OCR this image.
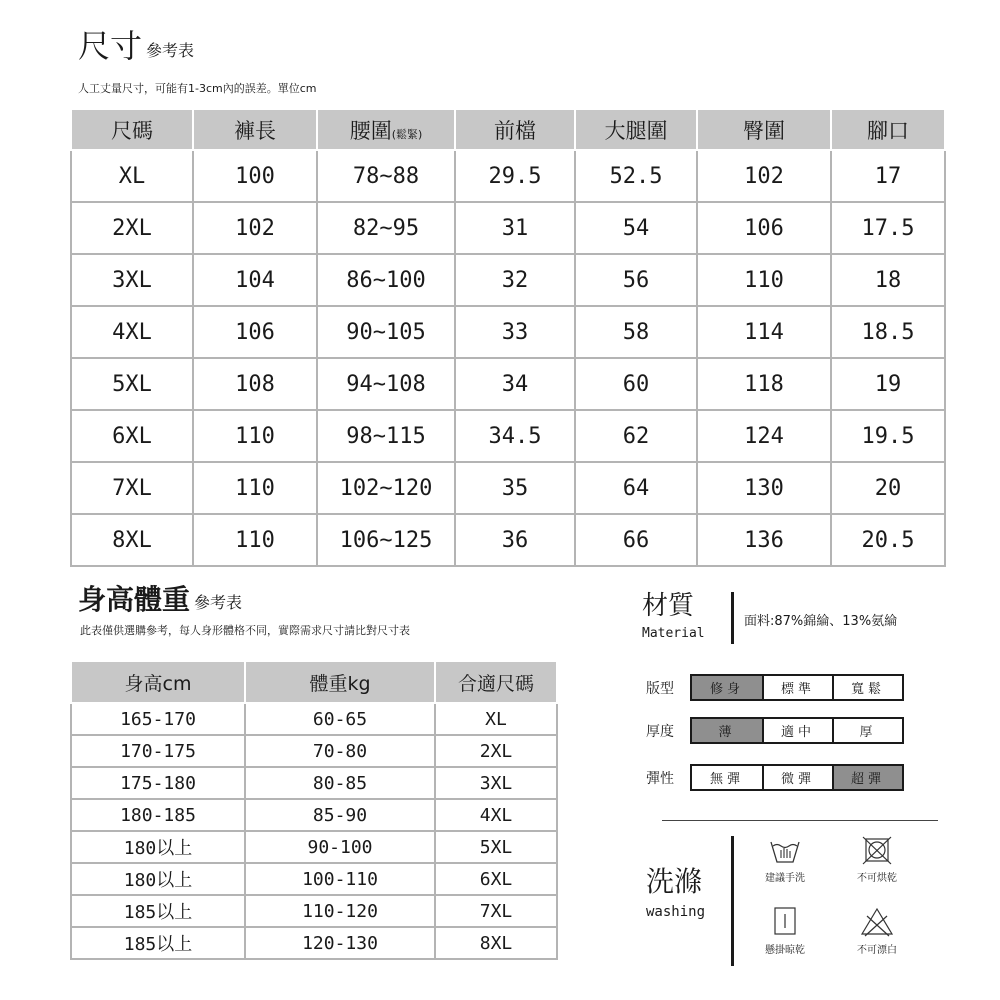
尺寸 參考表
人工丈量尺寸，可能有1-3cm內的誤差。單位cm
尺碼	褲長	腰圍(鬆緊)	前檔	大腿圍	臀圍	腳口
XL	100	78~88	29.5	52.5	102	17
2XL	102	82~95	31	54	106	17.5
3XL	104	86~100	32	56	110	18
4XL	106	90~105	33	58	114	18.5
5XL	108	94~108	34	60	118	19
6XL	110	98~115	34.5	62	124	19.5
7XL	110	102~120	35	64	130	20
8XL	110	106~125	36	66	136	20.5
身高體重 參考表
此表僅供選購參考，每人身形體格不同，實際需求尺寸請比對尺寸表
身高cm	體重kg	合適尺碼
165-170	60-65	XL
170-175	70-80	2XL
175-180	80-85	3XL
180-185	85-90	4XL
180以上	90-100	5XL
180以上	100-110	6XL
185以上	110-120	7XL
185以上	120-130	8XL
材質
Material
面料:87%錦綸、13%氨綸
版型	修身	標準	寬鬆
厚度	薄	適中	厚
彈性	無彈	微彈	超彈
洗滌
washing
建議手洗	不可烘乾
懸掛晾乾	不可漂白
